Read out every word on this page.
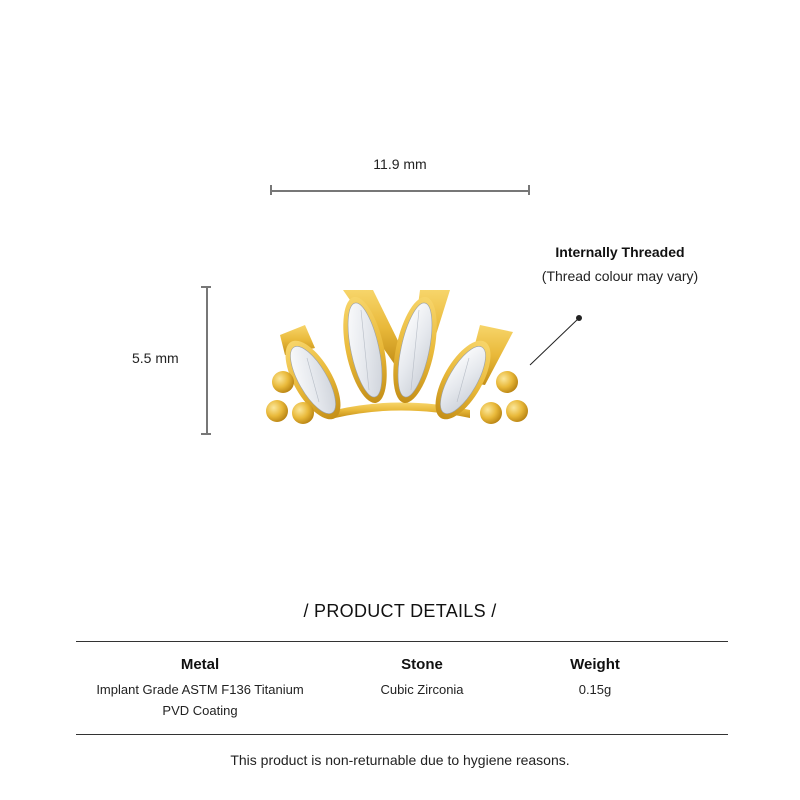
11.9 mm
5.5 mm
Internally Threaded
(Thread colour may vary)
/ PRODUCT DETAILS /
Metal
Implant Grade ASTM F136 Titanium
PVD Coating
Stone
Cubic Zirconia
Weight
0.15g
This product is non-returnable due to hygiene reasons.
